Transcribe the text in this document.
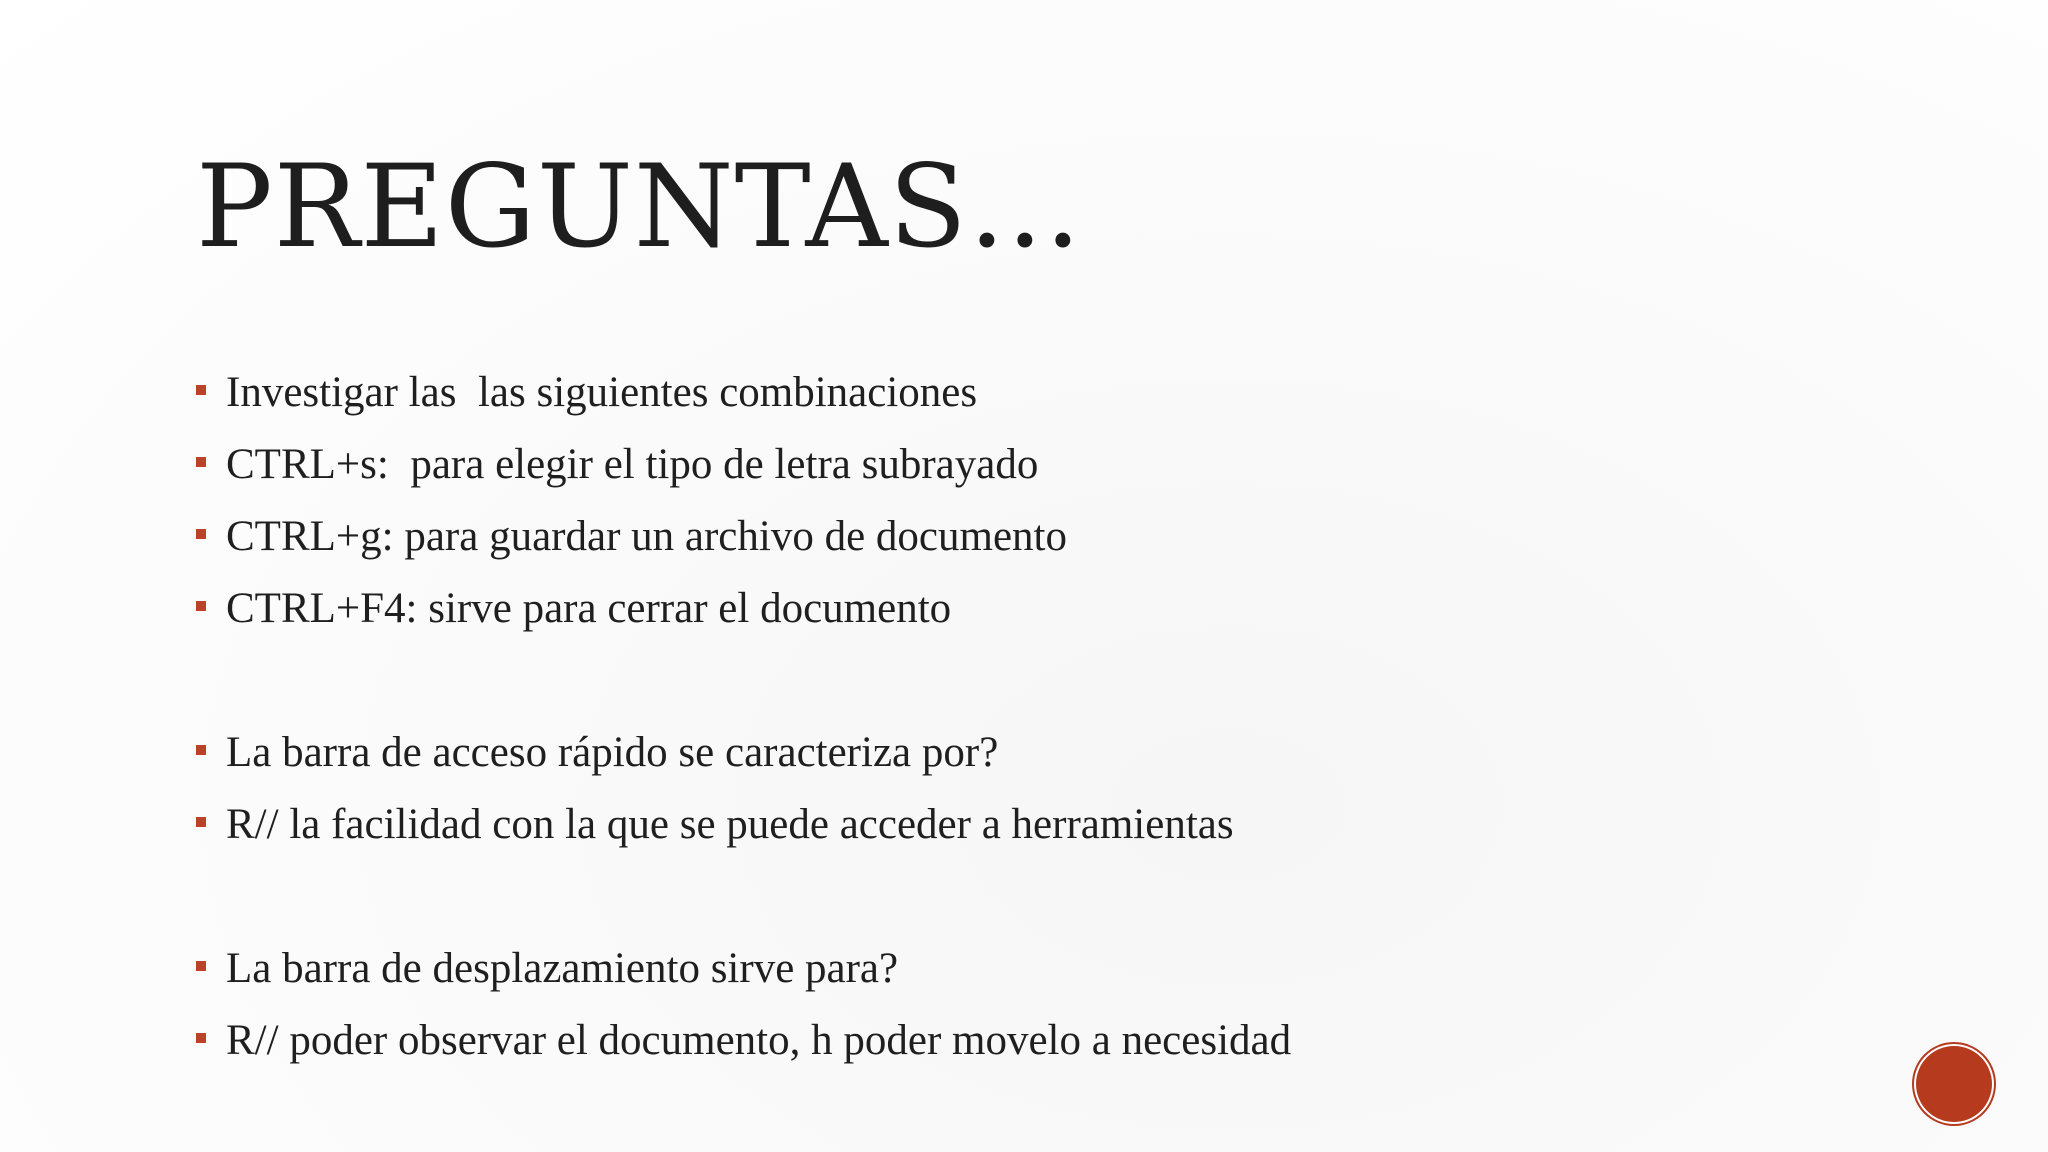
PREGUNTAS…
Investigar las  las siguientes combinaciones
CTRL+s:  para elegir el tipo de letra subrayado
CTRL+g: para guardar un archivo de documento
CTRL+F4: sirve para cerrar el documento
La barra de acceso rápido se caracteriza por?
R// la facilidad con la que se puede acceder a herramientas
La barra de desplazamiento sirve para?
R// poder observar el documento, h poder movelo a necesidad
